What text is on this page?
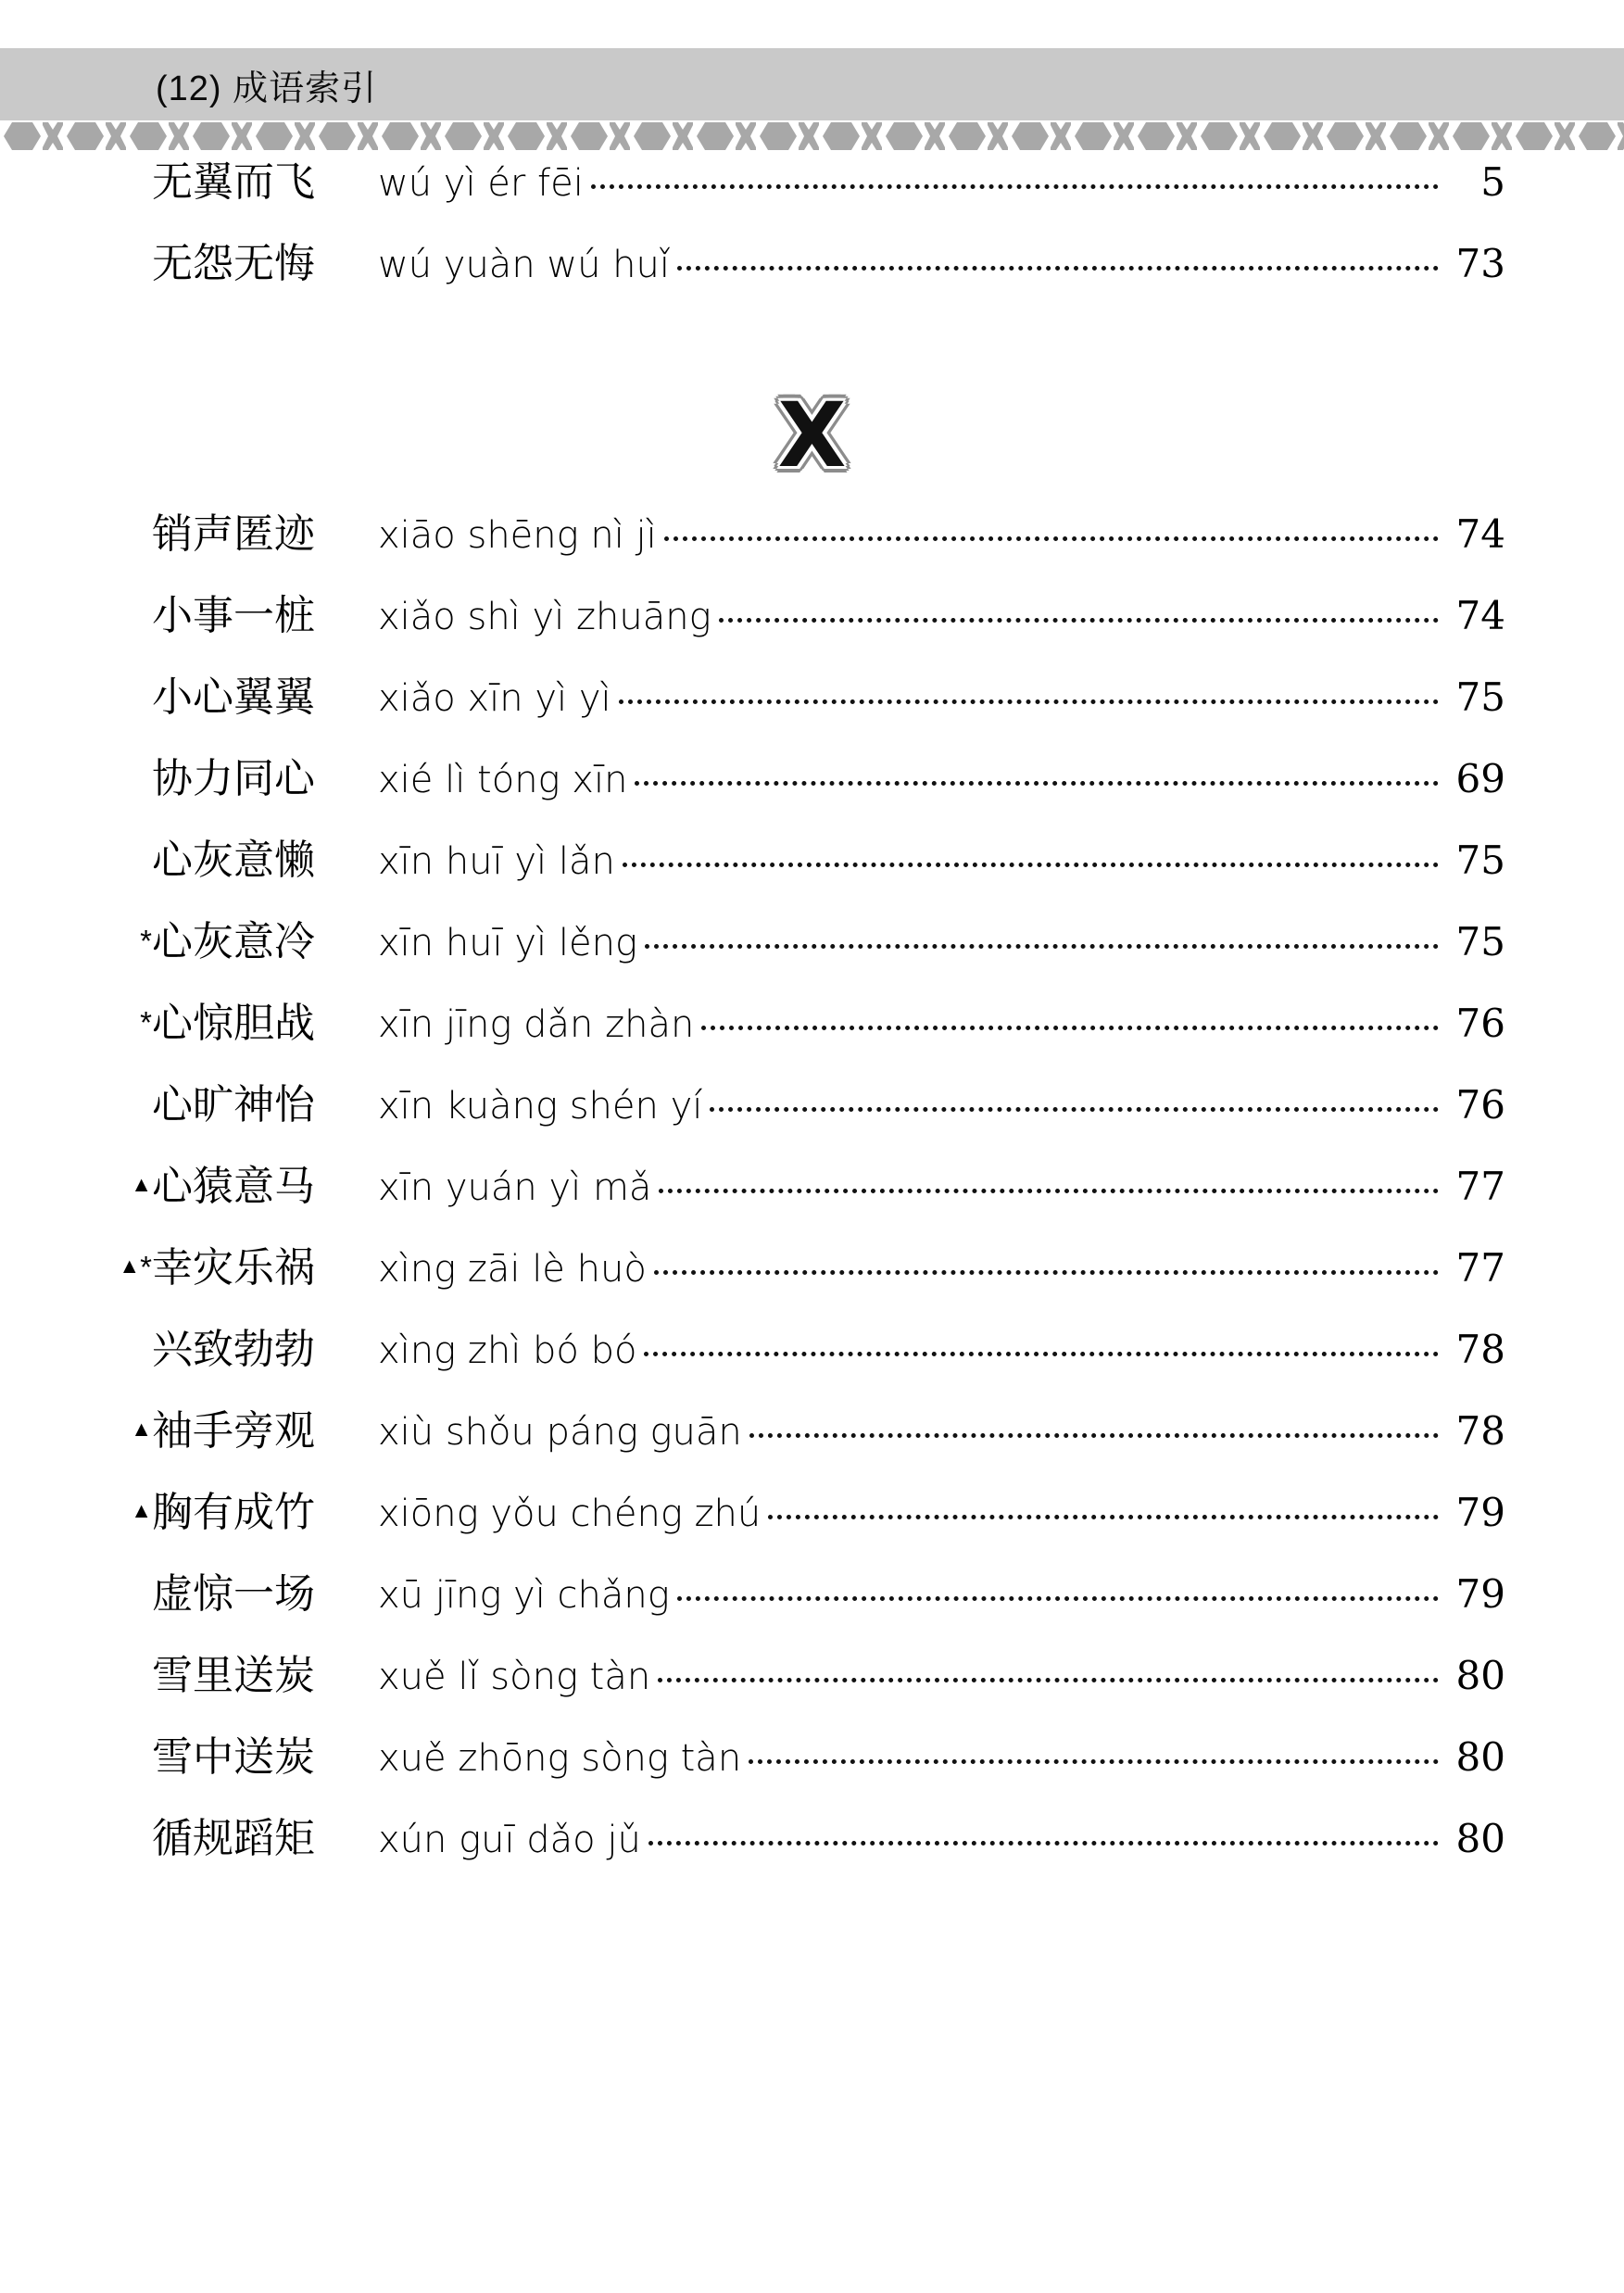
(12) 成语索引
无翼而飞	wú yì ér fēi	5
无怨无悔	wú yuàn wú huǐ	73
X
销声匿迹	xiāo shēng nì jì	74
小事一桩	xiǎo shì yì zhuāng	74
小心翼翼	xiǎo xīn yì yì	75
协力同心	xié lì tóng xīn	69
心灰意懒	xīn huī yì lǎn	75
* 心灰意冷	xīn huī yì lěng	75
* 心惊胆战	xīn jīng dǎn zhàn	76
心旷神怡	xīn kuàng shén yí	76
▲ 心猿意马	xīn yuán yì mǎ	77
▲* 幸灾乐祸	xìng zāi lè huò	77
兴致勃勃	xìng zhì bó bó	78
▲ 袖手旁观	xiù shǒu páng guān	78
▲ 胸有成竹	xiōng yǒu chéng zhú	79
虚惊一场	xū jīng yì chǎng	79
雪里送炭	xuě lǐ sòng tàn	80
雪中送炭	xuě zhōng sòng tàn	80
循规蹈矩	xún guī dǎo jǔ	80
